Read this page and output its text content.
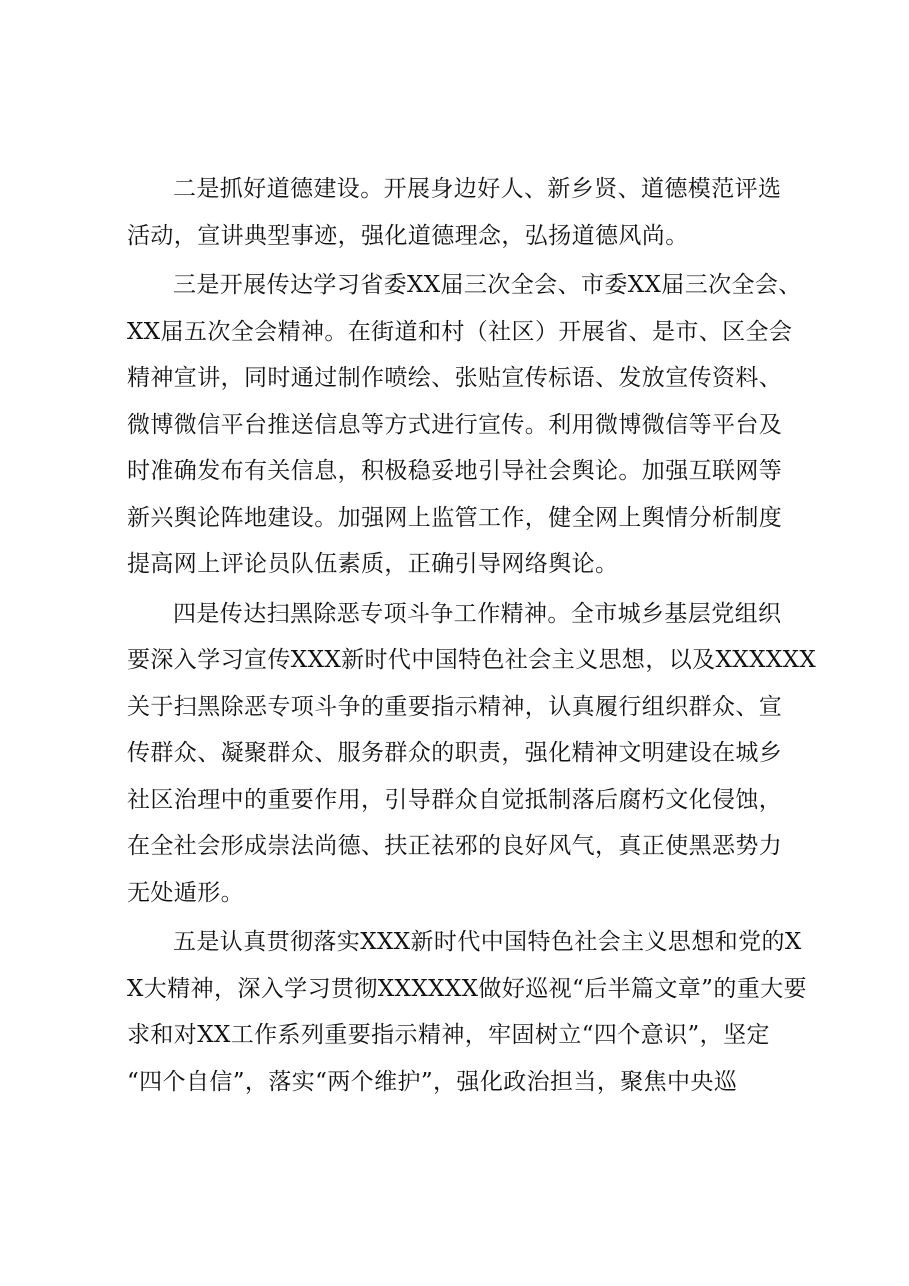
二是抓好道德建设。开展身边好人、新乡贤、道德模范评选
活动，宣讲典型事迹，强化道德理念，弘扬道德风尚。
三是开展传达学习省委XX届三次全会、市委XX届三次全会、
XX届五次全会精神。在街道和村（社区）开展省、是市、区全会
精神宣讲，同时通过制作喷绘、张贴宣传标语、发放宣传资料、
微博微信平台推送信息等方式进行宣传。利用微博微信等平台及
时准确发布有关信息，积极稳妥地引导社会舆论。加强互联网等
新兴舆论阵地建设。加强网上监管工作，健全网上舆情分析制度
提高网上评论员队伍素质，正确引导网络舆论。
四是传达扫黑除恶专项斗争工作精神。全市城乡基层党组织
要深入学习宣传XXX新时代中国特色社会主义思想，以及XXXXXX
关于扫黑除恶专项斗争的重要指示精神，认真履行组织群众、宣
传群众、凝聚群众、服务群众的职责，强化精神文明建设在城乡
社区治理中的重要作用，引导群众自觉抵制落后腐朽文化侵蚀，
在全社会形成崇法尚德、扶正祛邪的良好风气，真正使黑恶势力
无处遁形。
五是认真贯彻落实XXX新时代中国特色社会主义思想和党的X
X大精神，深入学习贯彻XXXXXX做好巡视“后半篇文章”的重大要
求和对XX工作系列重要指示精神，牢固树立“四个意识”，坚定
“四个自信”，落实“两个维护”，强化政治担当，聚焦中央巡
